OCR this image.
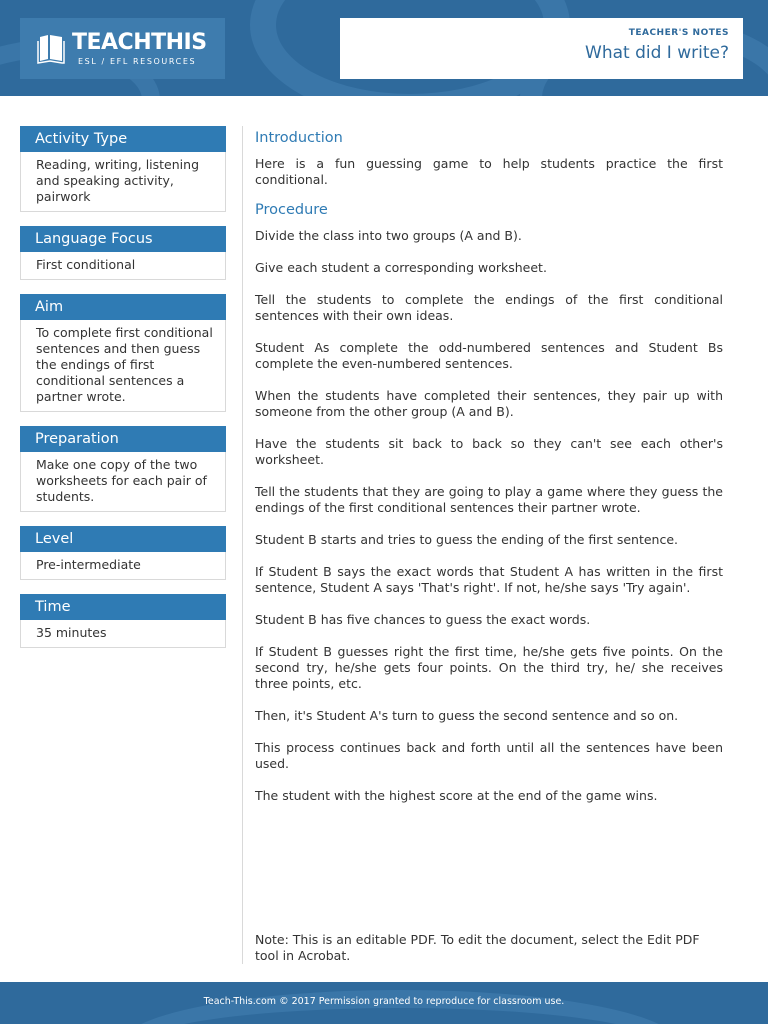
TEACHTHIS
ESL / EFL RESOURCES
TEACHER'S NOTES
What did I write?
Activity Type
Reading, writing, listening and speaking activity, pairwork
Language Focus
First conditional
Aim
To complete first conditional sentences and then guess the endings of first conditional sentences a partner wrote.
Preparation
Make one copy of the two worksheets for each pair of students.
Level
Pre-intermediate
Time
35 minutes
Introduction

Here is a fun guessing game to help students practice the first conditional.

Procedure

Divide the class into two groups (A and B).

Give each student a corresponding worksheet.

Tell the students to complete the endings of the first conditional sentences with their own ideas.

Student As complete the odd-numbered sentences and Student Bs complete the even-numbered sentences.

When the students have completed their sentences, they pair up with someone from the other group (A and B).

Have the students sit back to back so they can't see each other's worksheet.

Tell the students that they are going to play a game where they guess the endings of the first conditional sentences their partner wrote.

Student B starts and tries to guess the ending of the first sentence.

If Student B says the exact words that Student A has written in the first sentence, Student A says 'That's right'. If not, he/she says 'Try again'.

Student B has five chances to guess the exact words.

If Student B guesses right the first time, he/she gets five points. On the second try, he/she gets four points. On the third try, he/ she receives three points, etc.

Then, it's Student A's turn to guess the second sentence and so on.

This process continues back and forth until all the sentences have been used.

The student with the highest score at the end of the game wins.

Note: This is an editable PDF. To edit the document, select the Edit PDF tool in Acrobat.

Teach-This.com © 2017 Permission granted to reproduce for classroom use.
